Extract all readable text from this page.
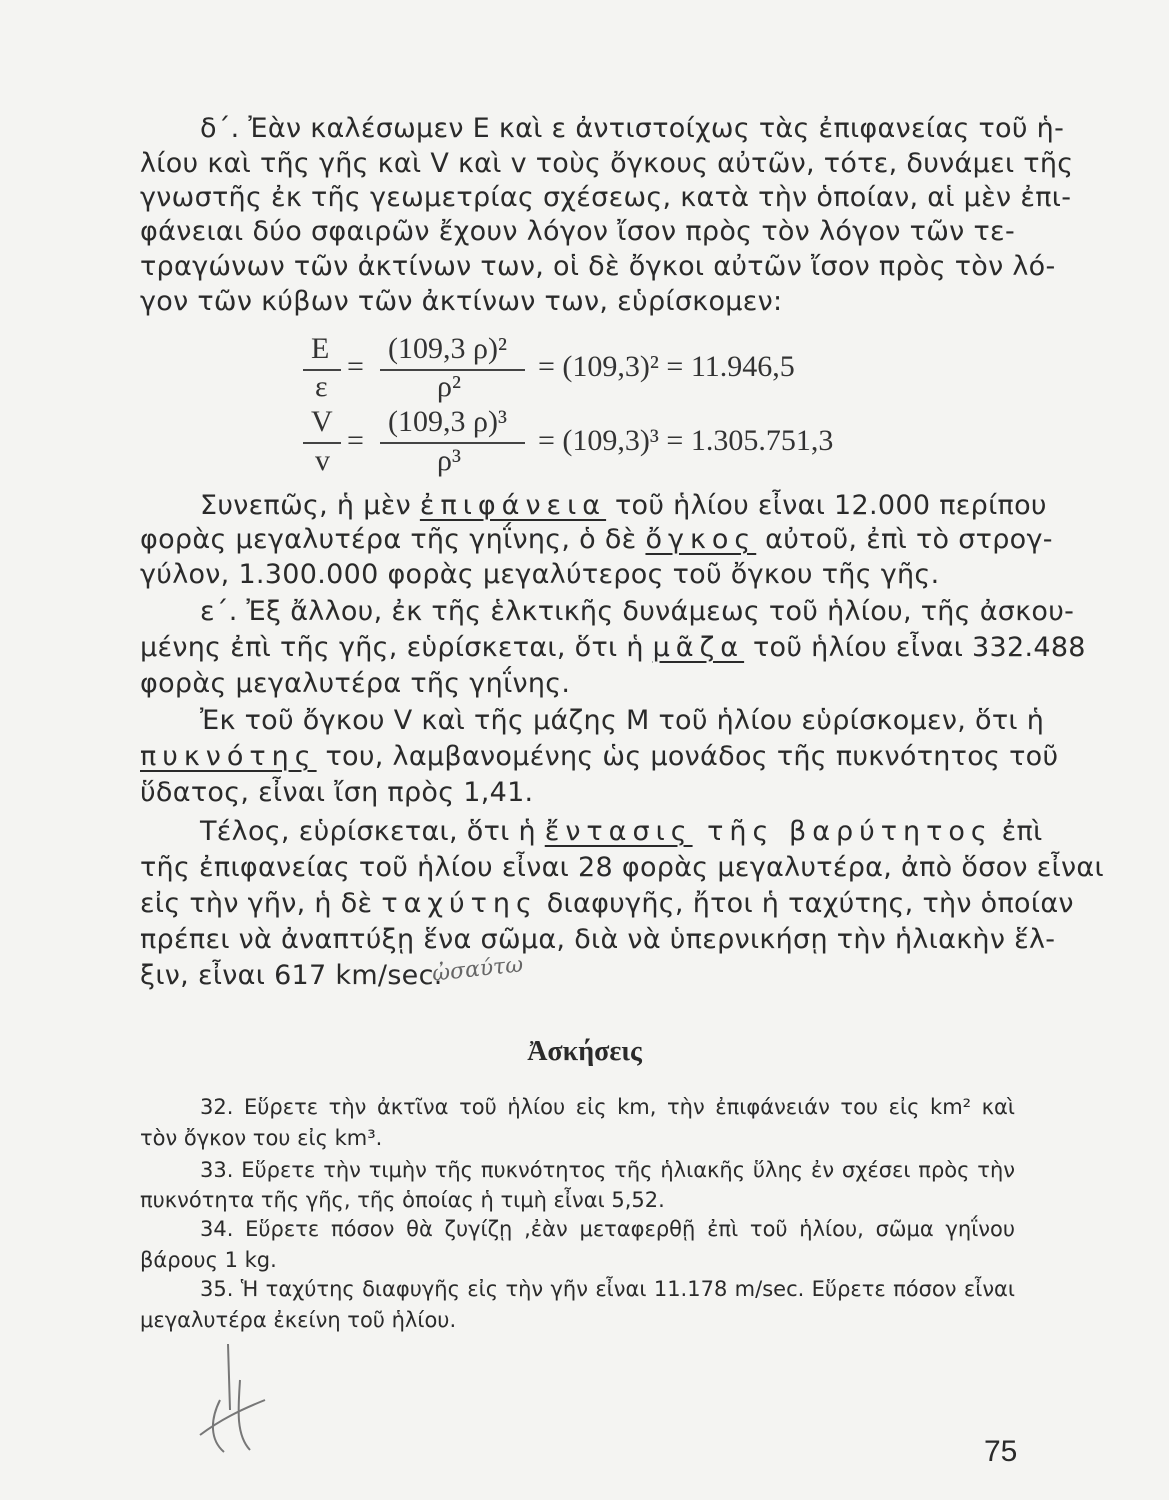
δ΄. Ἐὰν καλέσωμεν Ε καὶ ε ἀντιστοίχως τὰς ἐπιφανείας τοῦ ἡ-
λίου καὶ τῆς γῆς καὶ V καὶ v τοὺς ὄγκους αὐτῶν, τότε, δυνάμει τῆς
γνωστῆς ἐκ τῆς γεωμετρίας σχέσεως, κατὰ τὴν ὁποίαν, αἱ μὲν ἐπι-
φάνειαι δύο σφαιρῶν ἔχουν λόγον ἴσον πρὸς τὸν λόγον τῶν τε-
τραγώνων τῶν ἀκτίνων των, οἱ δὲ ὄγκοι αὐτῶν ἴσον πρὸς τὸν λό-
γον τῶν κύβων τῶν ἀκτίνων των, εὑρίσκομεν:
E
ε
=
(109,3 ρ)²
ρ²
= (109,3)² = 11.946,5
V
v
=
(109,3 ρ)³
ρ³
= (109,3)³ = 1.305.751,3
Συνεπῶς, ἡ μὲν ἐπιφάνεια τοῦ ἡλίου εἶναι 12.000 περίπου
φορὰς μεγαλυτέρα τῆς γηΐνης, ὁ δὲ ὄγκος αὐτοῦ, ἐπὶ τὸ στρογ-
γύλον, 1.300.000 φορὰς μεγαλύτερος τοῦ ὄγκου τῆς γῆς.
ε΄. Ἐξ ἄλλου, ἐκ τῆς ἑλκτικῆς δυνάμεως τοῦ ἡλίου, τῆς ἀσκου-
μένης ἐπὶ τῆς γῆς, εὑρίσκεται, ὅτι ἡ μᾶζα τοῦ ἡλίου εἶναι 332.488
φορὰς μεγαλυτέρα τῆς γηΐνης.
Ἐκ τοῦ ὄγκου V καὶ τῆς μάζης Μ τοῦ ἡλίου εὑρίσκομεν, ὅτι ἡ
πυκνότης του, λαμβανομένης ὡς μονάδος τῆς πυκνότητος τοῦ
ὕδατος, εἶναι ἴση πρὸς 1,41.
Τέλος, εὑρίσκεται, ὅτι ἡ ἔντασις τῆς βαρύτητος ἐπὶ
τῆς ἐπιφανείας τοῦ ἡλίου εἶναι 28 φορὰς μεγαλυτέρα, ἀπὸ ὅσον εἶναι
εἰς τὴν γῆν, ἡ δὲ ταχύτης διαφυγῆς, ἤτοι ἡ ταχύτης, τὴν ὁποίαν
πρέπει νὰ ἀναπτύξῃ ἕνα σῶμα, διὰ νὰ ὑπερνικήσῃ τὴν ἡλιακὴν ἕλ-
ξιν, εἶναι 617 km/sec.
ὠσαύτω
Ἀσκήσεις
32. Εὕρετε τὴν ἀκτῖνα τοῦ ἡλίου εἰς km, τὴν ἐπιφάνειάν του εἰς km² καὶ
τὸν ὄγκον του εἰς km³.
33. Εὕρετε τὴν τιμὴν τῆς πυκνότητος τῆς ἡλιακῆς ὕλης ἐν σχέσει πρὸς τὴν
πυκνότητα τῆς γῆς, τῆς ὁποίας ἡ τιμὴ εἶναι 5,52.
34. Εὕρετε πόσον θὰ ζυγίζῃ ,ἐὰν μεταφερθῇ ἐπὶ τοῦ ἡλίου, σῶμα γηΐνου
βάρους 1 kg.
35. Ἡ ταχύτης διαφυγῆς εἰς τὴν γῆν εἶναι 11.178 m/sec. Εὕρετε πόσον εἶναι
μεγαλυτέρα ἐκείνη τοῦ ἡλίου.
75
